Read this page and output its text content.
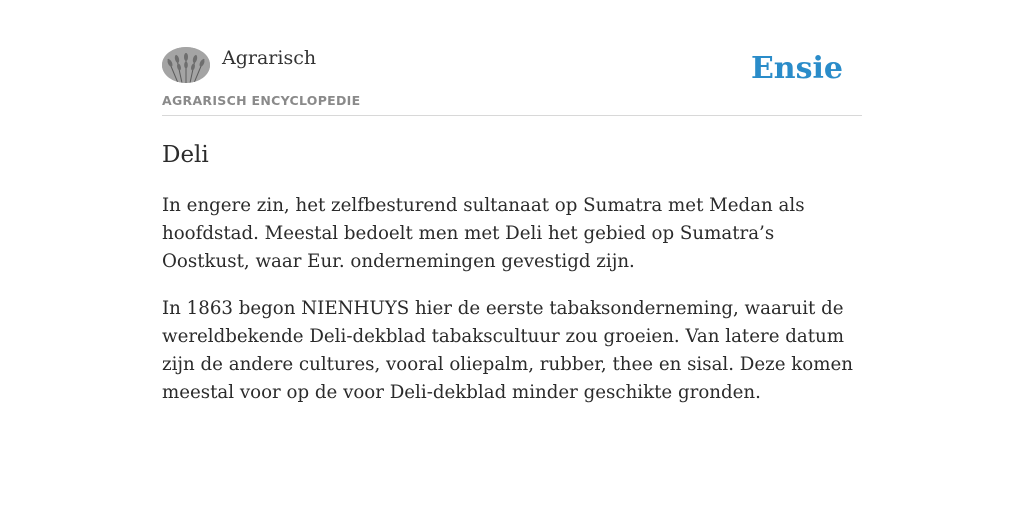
Agrarisch
AGRARISCH ENCYCLOPEDIE
Ensie
Deli

In engere zin, het zelfbesturend sultanaat op Sumatra met Medan als hoofdstad. Meestal bedoelt men met Deli het gebied op Sumatra’s Oostkust, waar Eur. ondernemingen gevestigd zijn.

In 1863 begon NIENHUYS hier de eerste tabaksonderneming, waaruit de wereldbekende Deli-dekblad tabakscultuur zou groeien. Van latere datum zijn de andere cultures, vooral oliepalm, rubber, thee en sisal. Deze komen meestal voor op de voor Deli-dekblad minder geschikte gronden.
